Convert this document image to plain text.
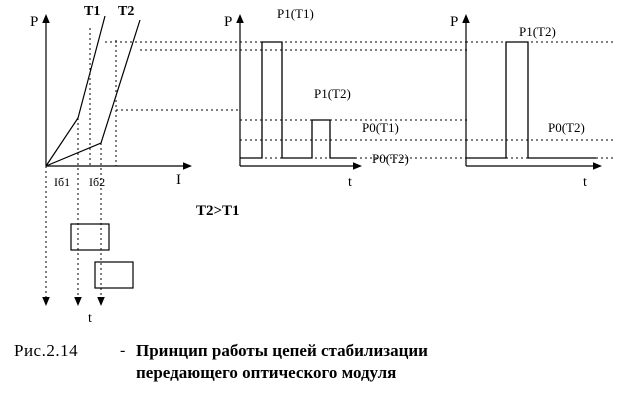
P
I
T1 T2
Iб1 Iб2
t
P
t
P1(T1)
P1(T2)
P0(T1)
P0(T2)
T2>T1
P
t
P1(T2)
P0(T2)
Рис.2.14	- Принцип работы цепей стабилизации
передающего оптического модуля
